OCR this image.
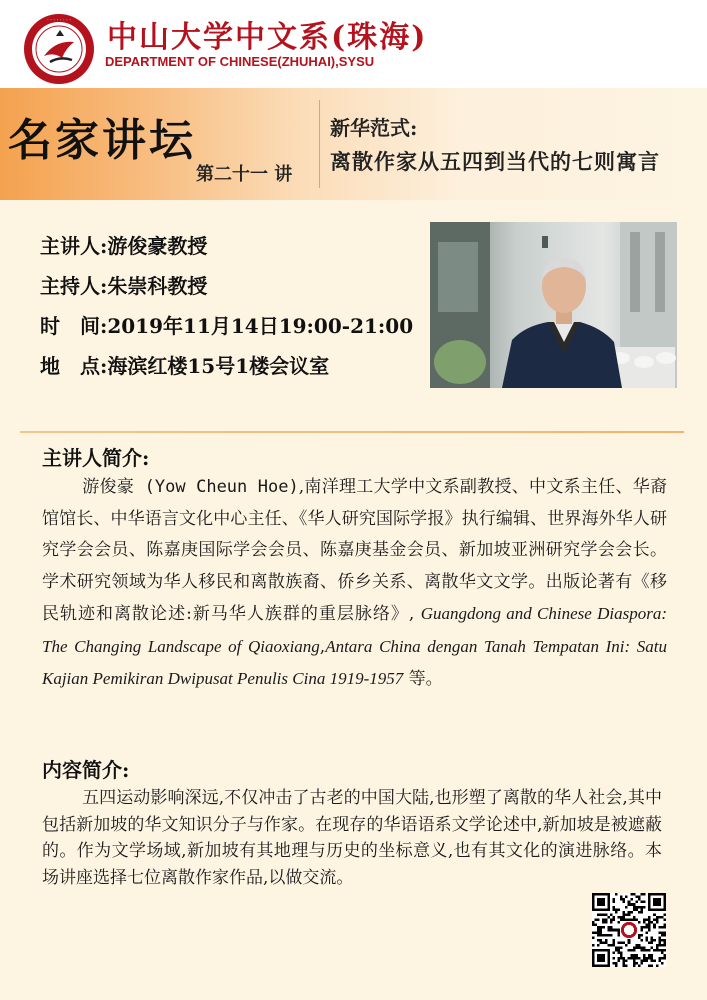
· · · · · · · · 中山大学中文系(珠海)
DEPARTMENT OF CHINESE(ZHUHAI),SYSU
名家讲坛
第二十一 讲
新华范式:
离散作家从五四到当代的七则寓言
主讲人:游俊豪教授
主持人:朱崇科教授
时　间:2019年11月14日19:00-21:00
地　点:海滨红楼15号1楼会议室
主讲人简介:
游俊豪 (Yow Cheun Hoe),南洋理工大学中文系副教授、中文系主任、华裔馆馆长、中华语言文化中心主任、《华人研究国际学报》执行编辑、世界海外华人研究学会会员、陈嘉庚国际学会会员、陈嘉庚基金会员、新加坡亚洲研究学会会长。学术研究领域为华人移民和离散族裔、侨乡关系、离散华文文学。出版论著有《移民轨迹和离散论述:新马华人族群的重层脉络》, Guangdong and Chinese Diaspora: The Changing Landscape of Qiaoxiang,Antara China dengan Tanah Tempatan Ini: Satu Kajian Pemikiran Dwipusat Penulis Cina 1919-1957 等。
内容简介:
五四运动影响深远,不仅冲击了古老的中国大陆,也形塑了离散的华人社会,其中包括新加坡的华文知识分子与作家。在现存的华语语系文学论述中,新加坡是被遮蔽的。作为文学场域,新加坡有其地理与历史的坐标意义,也有其文化的演进脉络。本场讲座选择七位离散作家作品,以做交流。
